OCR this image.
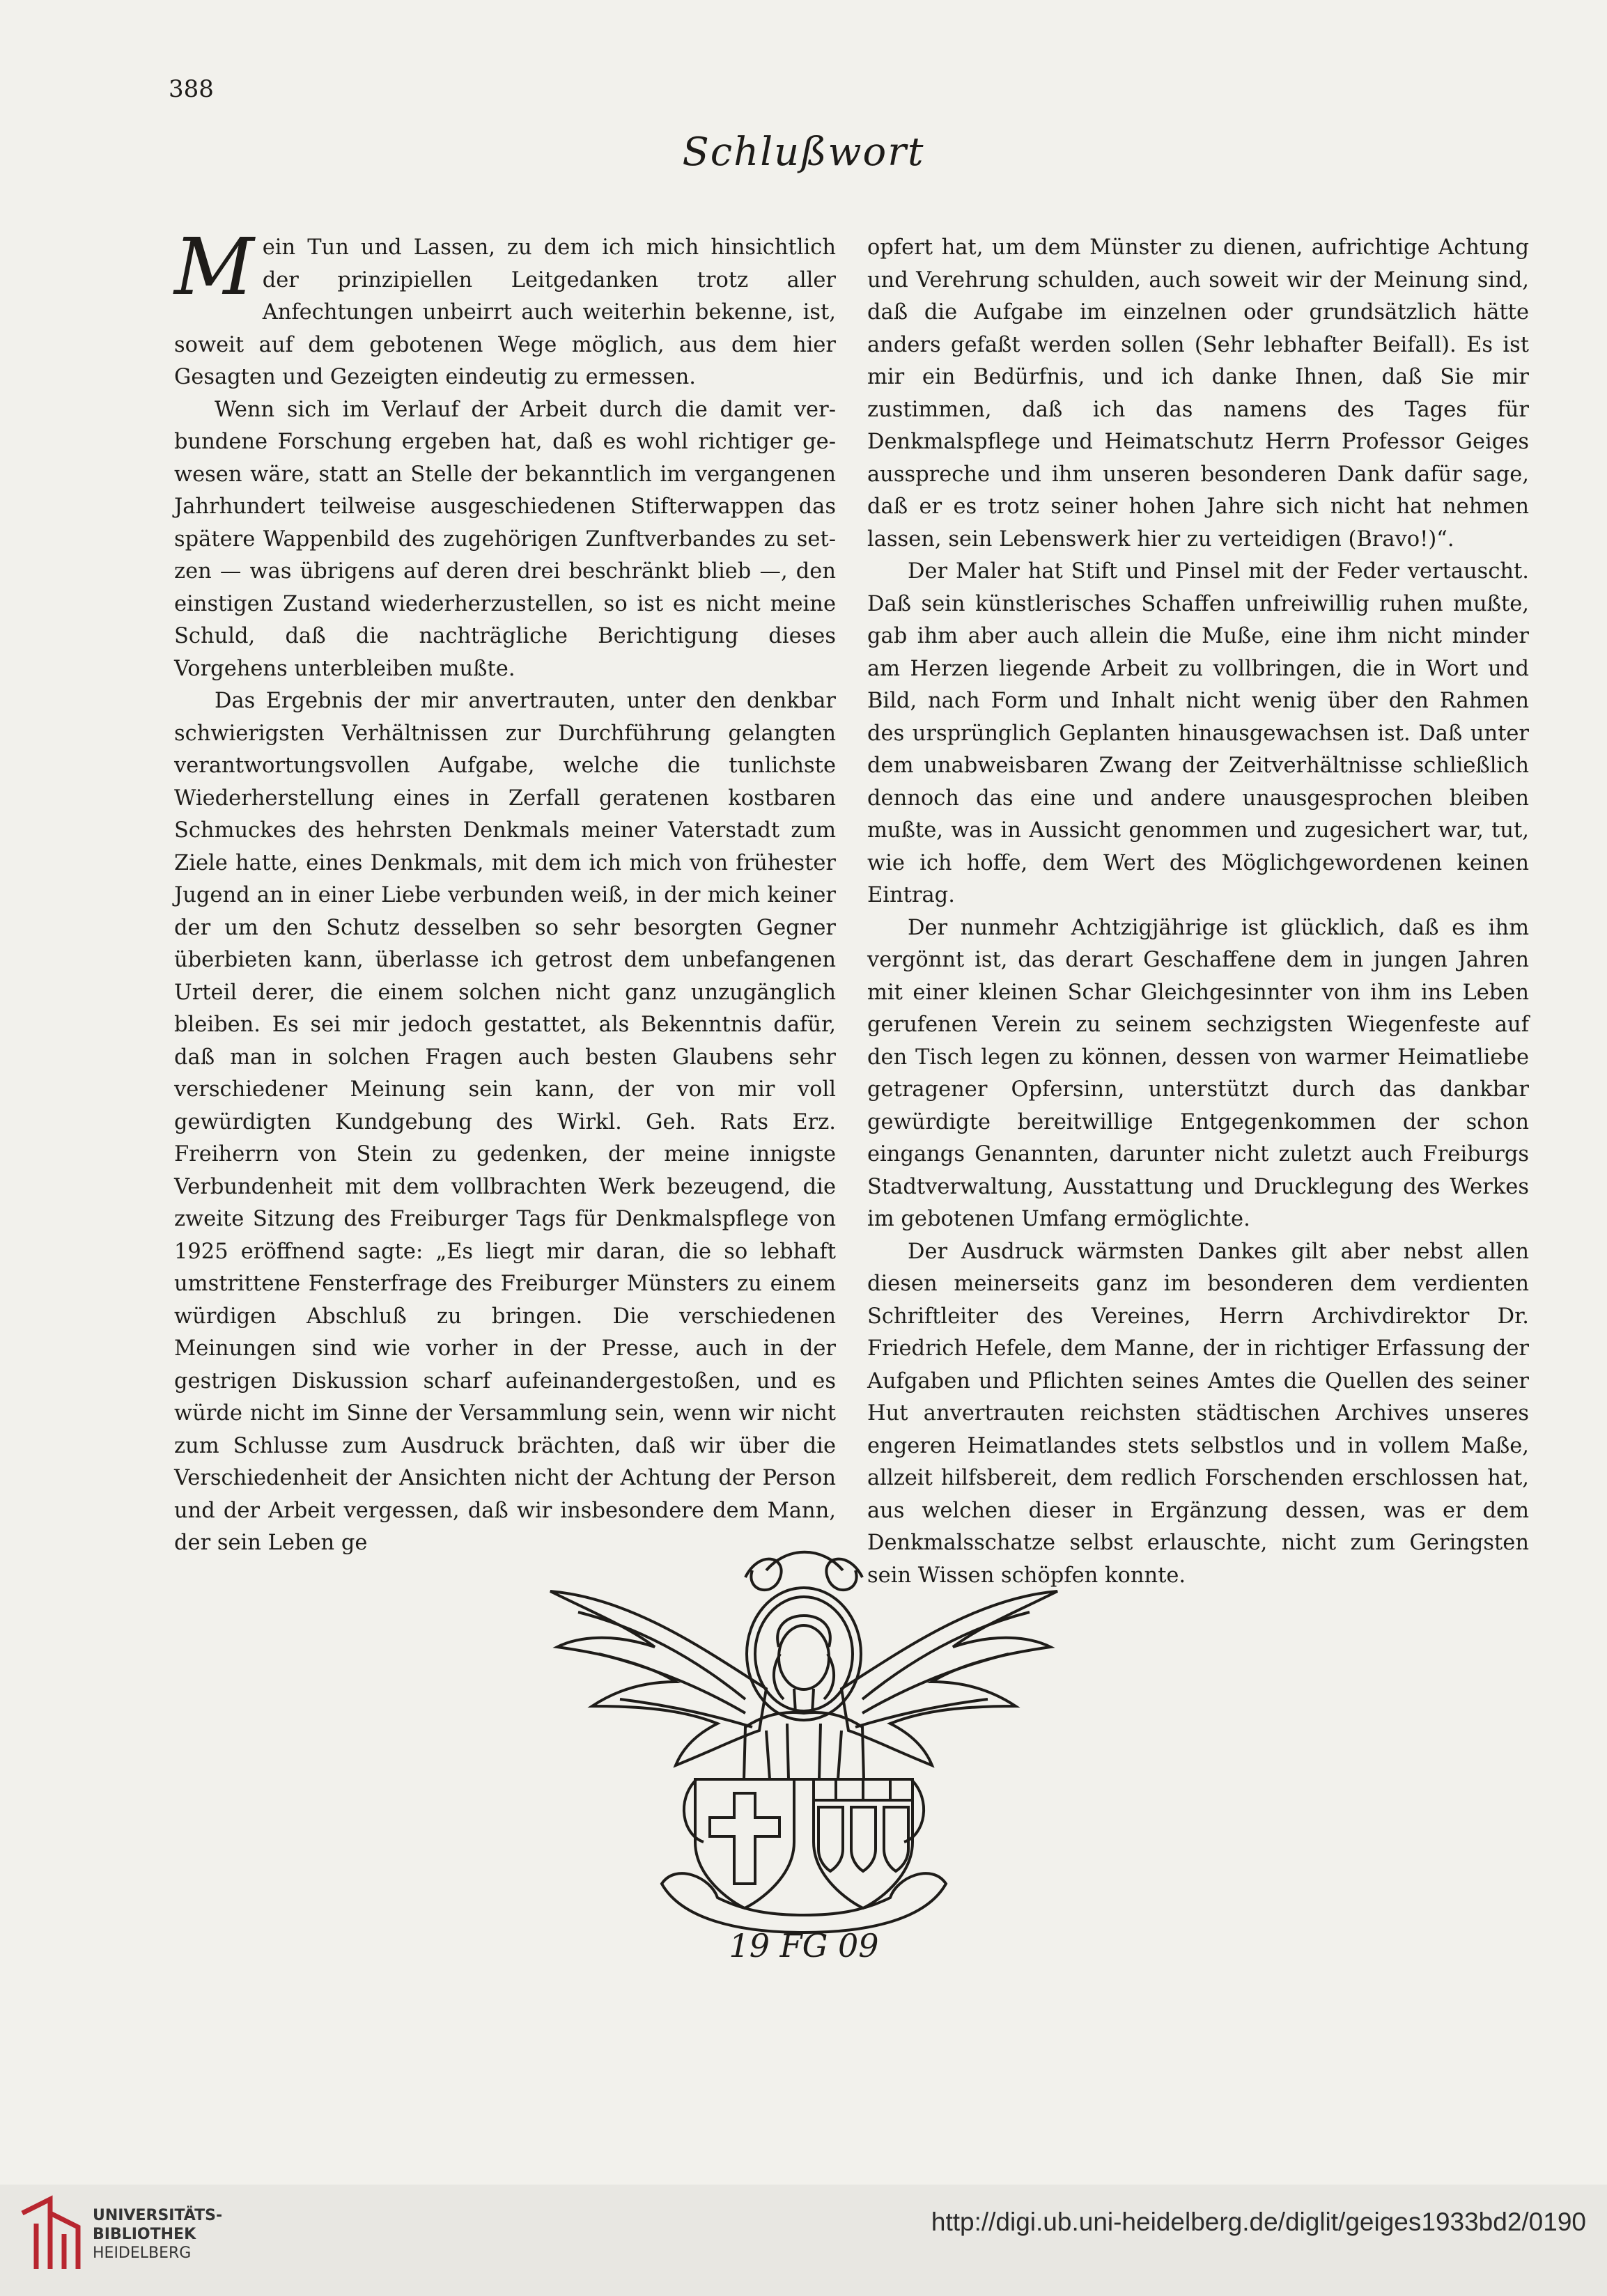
388
Schlußwort

Mein Tun und Lassen, zu dem ich mich hinsichtlich der prinzipiellen Leitgedanken trotz aller Anfechtungen unbeirrt auch weiterhin bekenne, ist, soweit auf dem gebotenen Wege möglich, aus dem hier Gesagten und Gezeigten eindeutig zu ermessen.

Wenn sich im Verlauf der Arbeit durch die damit verbundene Forschung ergeben hat, daß es wohl richtiger gewesen wäre, statt an Stelle der bekanntlich im vergangenen Jahrhundert teilweise ausgeschiedenen Stifterwappen das spätere Wappenbild des zugehörigen Zunftverbandes zu setzen — was übrigens auf deren drei beschränkt blieb —, den einstigen Zustand wiederherzustellen, so ist es nicht meine Schuld, daß die nachträgliche Berichtigung dieses Vorgehens unterbleiben mußte.

Das Ergebnis der mir anvertrauten, unter den denkbar schwierigsten Verhältnissen zur Durchführung gelangten verantwortungsvollen Aufgabe, welche die tunlichste Wiederherstellung eines in Zerfall geratenen kostbaren Schmuckes des hehrsten Denkmals meiner Vaterstadt zum Ziele hatte, eines Denkmals, mit dem ich mich von frühester Jugend an in einer Liebe verbunden weiß, in der mich keiner der um den Schutz desselben so sehr besorgten Gegner überbieten kann, überlasse ich getrost dem unbefangenen Urteil derer, die einem solchen nicht ganz unzugänglich bleiben. Es sei mir jedoch gestattet, als Bekenntnis dafür, daß man in solchen Fragen auch besten Glaubens sehr verschiedener Meinung sein kann, der von mir voll gewürdigten Kundgebung des Wirkl. Geh. Rats Erz. Freiherrn von Stein zu gedenken, der meine innigste Verbundenheit mit dem vollbrachten Werk bezeugend, die zweite Sitzung des Freiburger Tags für Denkmalspflege von 1925 eröffnend sagte: „Es liegt mir daran, die so lebhaft umstrittene Fensterfrage des Freiburger Münsters zu einem würdigen Abschluß zu bringen. Die verschiedenen Meinungen sind wie vorher in der Presse, auch in der gestrigen Diskussion scharf aufeinandergestoßen, und es würde nicht im Sinne der Versammlung sein, wenn wir nicht zum Schlusse zum Ausdruck brächten, daß wir über die Verschiedenheit der Ansichten nicht der Achtung der Person und der Arbeit vergessen, daß wir insbesondere dem Mann, der sein Leben ge

opfert hat, um dem Münster zu dienen, aufrichtige Achtung und Verehrung schulden, auch soweit wir der Meinung sind, daß die Aufgabe im einzelnen oder grundsätzlich hätte anders gefaßt werden sollen (Sehr lebhafter Beifall). Es ist mir ein Bedürfnis, und ich danke Ihnen, daß Sie mir zustimmen, daß ich das namens des Tages für Denkmalspflege und Heimatschutz Herrn Professor Geiges ausspreche und ihm unseren besonderen Dank dafür sage, daß er es trotz seiner hohen Jahre sich nicht hat nehmen lassen, sein Lebenswerk hier zu verteidigen (Bravo!)“.

Der Maler hat Stift und Pinsel mit der Feder vertauscht. Daß sein künstlerisches Schaffen unfreiwillig ruhen mußte, gab ihm aber auch allein die Muße, eine ihm nicht minder am Herzen liegende Arbeit zu vollbringen, die in Wort und Bild, nach Form und Inhalt nicht wenig über den Rahmen des ursprünglich Geplanten hinausgewachsen ist. Daß unter dem unabweisbaren Zwang der Zeitverhältnisse schließlich dennoch das eine und andere unausgesprochen bleiben mußte, was in Aussicht genommen und zugesichert war, tut, wie ich hoffe, dem Wert des Möglichgewordenen keinen Eintrag.

Der nunmehr Achtzigjährige ist glücklich, daß es ihm vergönnt ist, das derart Geschaffene dem in jungen Jahren mit einer kleinen Schar Gleichgesinnter von ihm ins Leben gerufenen Verein zu seinem sechzigsten Wiegenfeste auf den Tisch legen zu können, dessen von warmer Heimatliebe getragener Opfersinn, unterstützt durch das dankbar gewürdigte bereitwillige Entgegenkommen der schon eingangs Genannten, darunter nicht zuletzt auch Freiburgs Stadtverwaltung, Ausstattung und Drucklegung des Werkes im gebotenen Umfang ermöglichte.

Der Ausdruck wärmsten Dankes gilt aber nebst allen diesen meinerseits ganz im besonderen dem verdienten Schriftleiter des Vereines, Herrn Archivdirektor Dr. Friedrich Hefele, dem Manne, der in richtiger Erfassung der Aufgaben und Pflichten seines Amtes die Quellen des seiner Hut anvertrauten reichsten städtischen Archives unseres engeren Heimatlandes stets selbstlos und in vollem Maße, allzeit hilfsbereit, dem redlich Forschenden erschlossen hat, aus welchen dieser in Ergänzung dessen, was er dem Denkmalsschatze selbst erlauschte, nicht zum Geringsten sein Wissen schöpfen konnte.

19 FG 09
UNIVERSITÄTS-
BIBLIOTHEK
HEIDELBERG
http://digi.ub.uni-heidelberg.de/diglit/geiges1933bd2/0190
